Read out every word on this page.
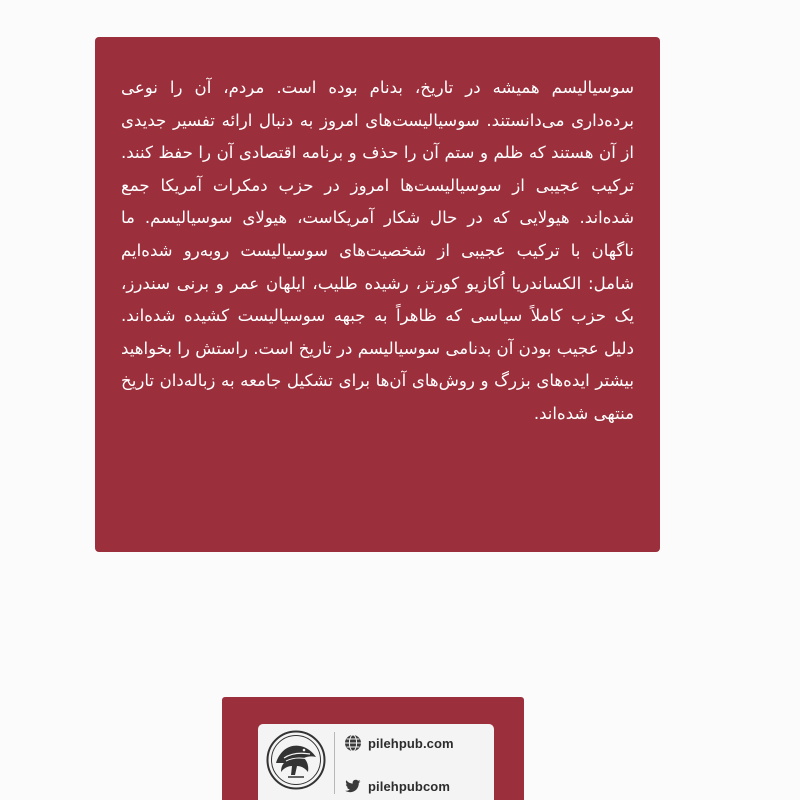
سوسیالیسم همیشه در تاریخ، بدنام بوده است. مردم، آن را نوعی برده‌داری می‌دانستند. سوسیالیست‌های امروز به دنبال ارائه تفسیر جدیدی از آن هستند که ظلم و ستم آن را حذف و برنامه اقتصادی آن را حفظ کنند. ترکیب عجیبی از سوسیالیست‌ها امروز در حزب دمکرات آمریکا جمع شده‌اند. هیولایی که در حال شکار آمریکاست، هیولای سوسیالیسم. ما ناگهان با ترکیب عجیبی از شخصیت‌های سوسیالیست روبه‌رو شده‌ایم شامل: الکساندریا اُکازیو کورتز، رشیده طلیب، ایلهان عمر و برنی سندرز، یک حزب کاملاً سیاسی که ظاهراً به جبهه سوسیالیست کشیده شده‌اند. دلیل عجیب بودن آن بدنامی سوسیالیسم در تاریخ است. راستش را بخواهید بیشتر ایده‌های بزرگ و روش‌های آن‌ها برای تشکیل جامعه به زباله‌دان تاریخ منتهی شده‌اند.

pilehpub.com
pilehpubcom
